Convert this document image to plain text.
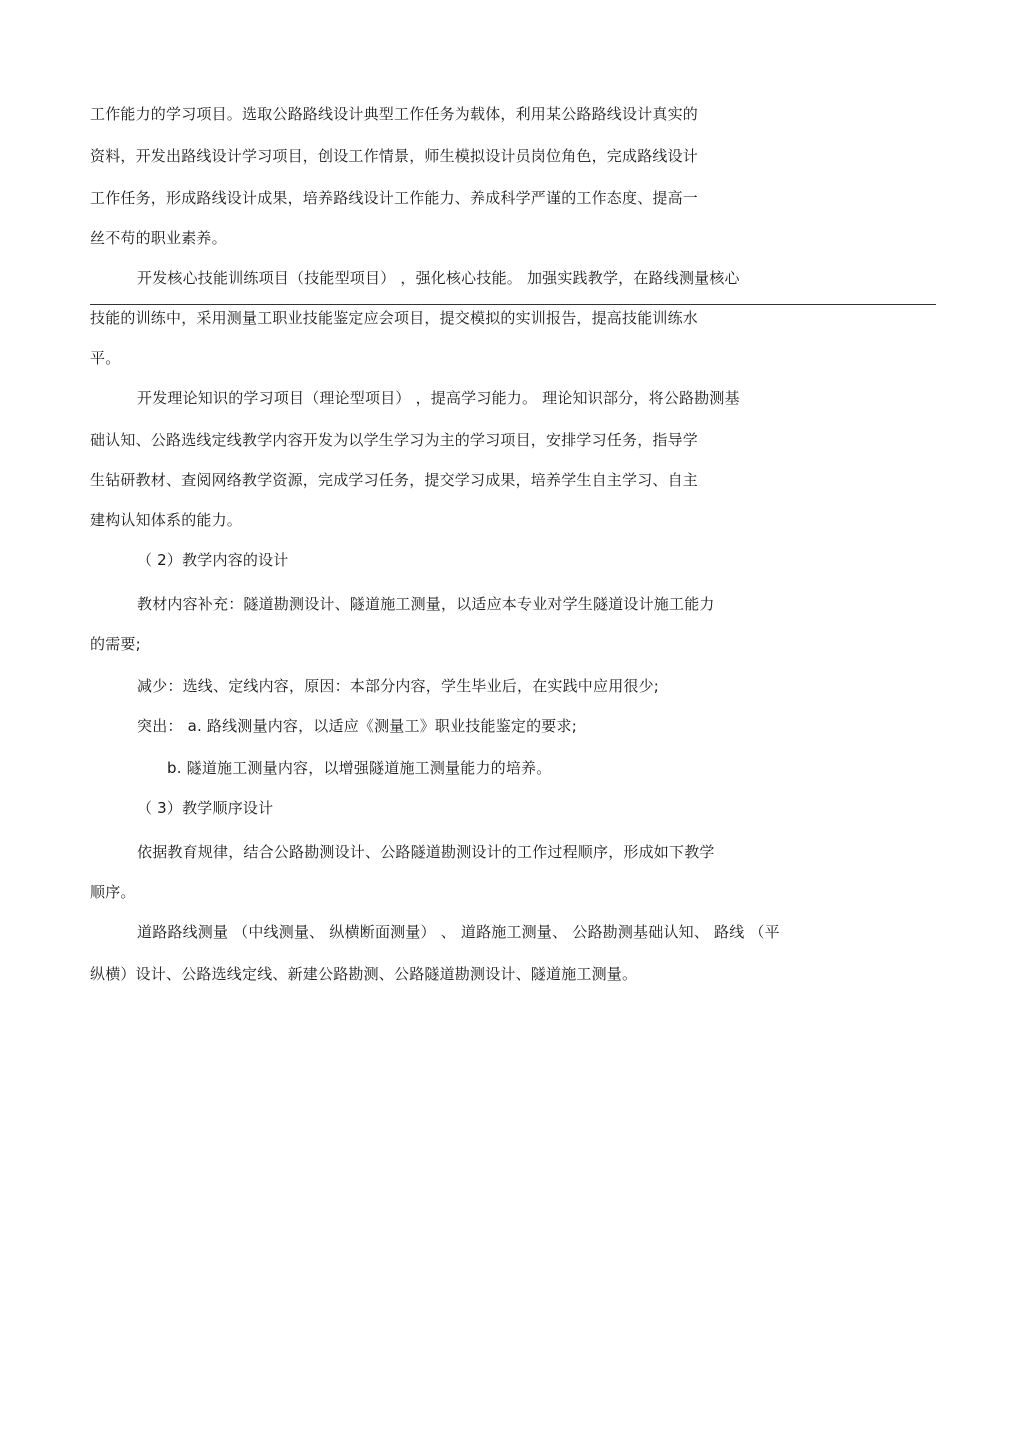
工作能力的学习项目。选取公路路线设计典型工作任务为载体，利用某公路路线设计真实的
资料，开发出路线设计学习项目，创设工作情景，师生模拟设计员岗位角色，完成路线设计
工作任务，形成路线设计成果，培养路线设计工作能力、养成科学严谨的工作态度、提高一
丝不苟的职业素养。
开发核心技能训练项目（技能型项目） ，强化核心技能。 加强实践教学，在路线测量核心
技能的训练中，采用测量工职业技能鉴定应会项目，提交模拟的实训报告，提高技能训练水
平。
开发理论知识的学习项目（理论型项目） ，提高学习能力。 理论知识部分，将公路勘测基
础认知、公路选线定线教学内容开发为以学生学习为主的学习项目，安排学习任务，指导学
生钻研教材、查阅网络教学资源，完成学习任务，提交学习成果，培养学生自主学习、自主
建构认知体系的能力。
（ 2）教学内容的设计
教材内容补充：隧道勘测设计、隧道施工测量，以适应本专业对学生隧道设计施工能力
的需要;
减少：选线、定线内容，原因：本部分内容，学生毕业后，在实践中应用很少;
突出： a. 路线测量内容，以适应《测量工》职业技能鉴定的要求;
b. 隧道施工测量内容，以增强隧道施工测量能力的培养。
（ 3）教学顺序设计
依据教育规律，结合公路勘测设计、公路隧道勘测设计的工作过程顺序，形成如下教学
顺序。
道路路线测量 （中线测量、 纵横断面测量） 、 道路施工测量、 公路勘测基础认知、 路线 （平
纵横）设计、公路选线定线、新建公路勘测、公路隧道勘测设计、隧道施工测量。
